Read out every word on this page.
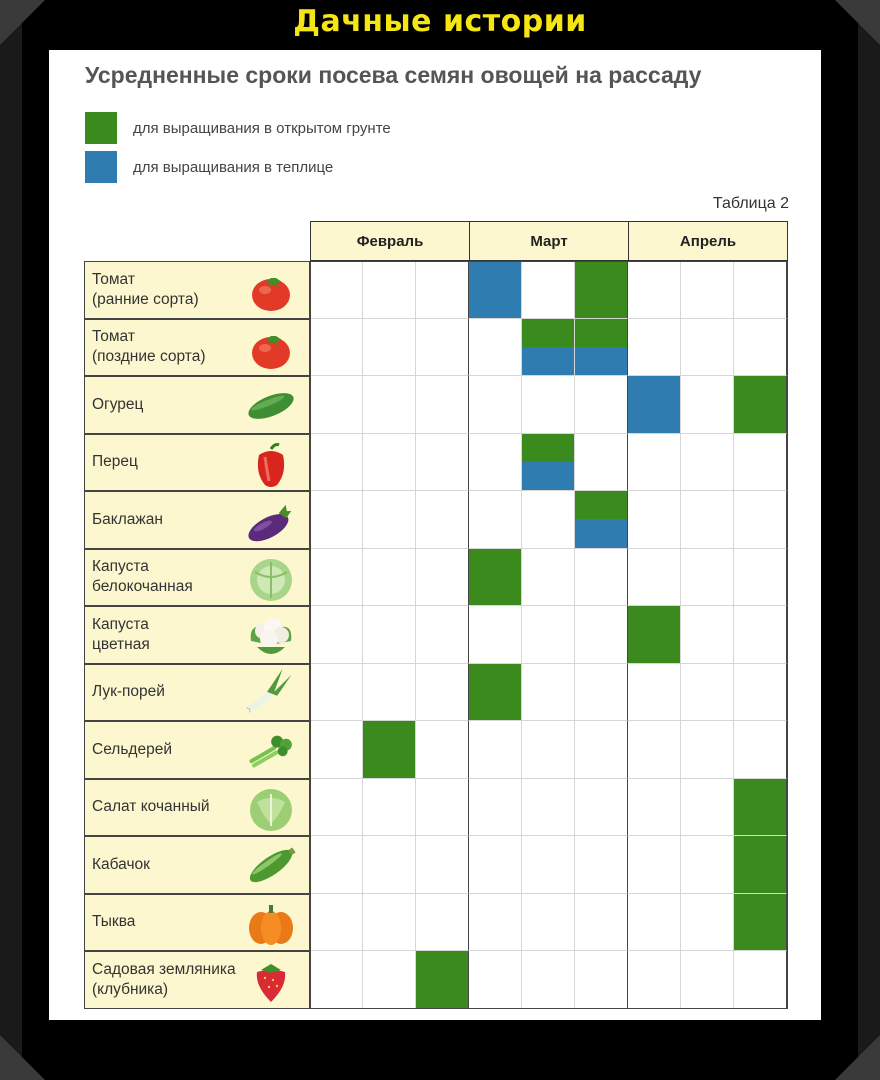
Дачные истории
Усредненные сроки посева семян овощей на рассаду
для выращивания в открытом грунте
для выращивания в теплице
Таблица 2
Февраль	Март	Апрель
Томат
(ранние сорта)
Томат
(поздние сорта)
Огурец
Перец
Баклажан
Капуста
белокочанная
Капуста
цветная
Лук-порей
Сельдерей
Салат кочанный
Кабачок
Тыква
Садовая земляника
(клубника)
